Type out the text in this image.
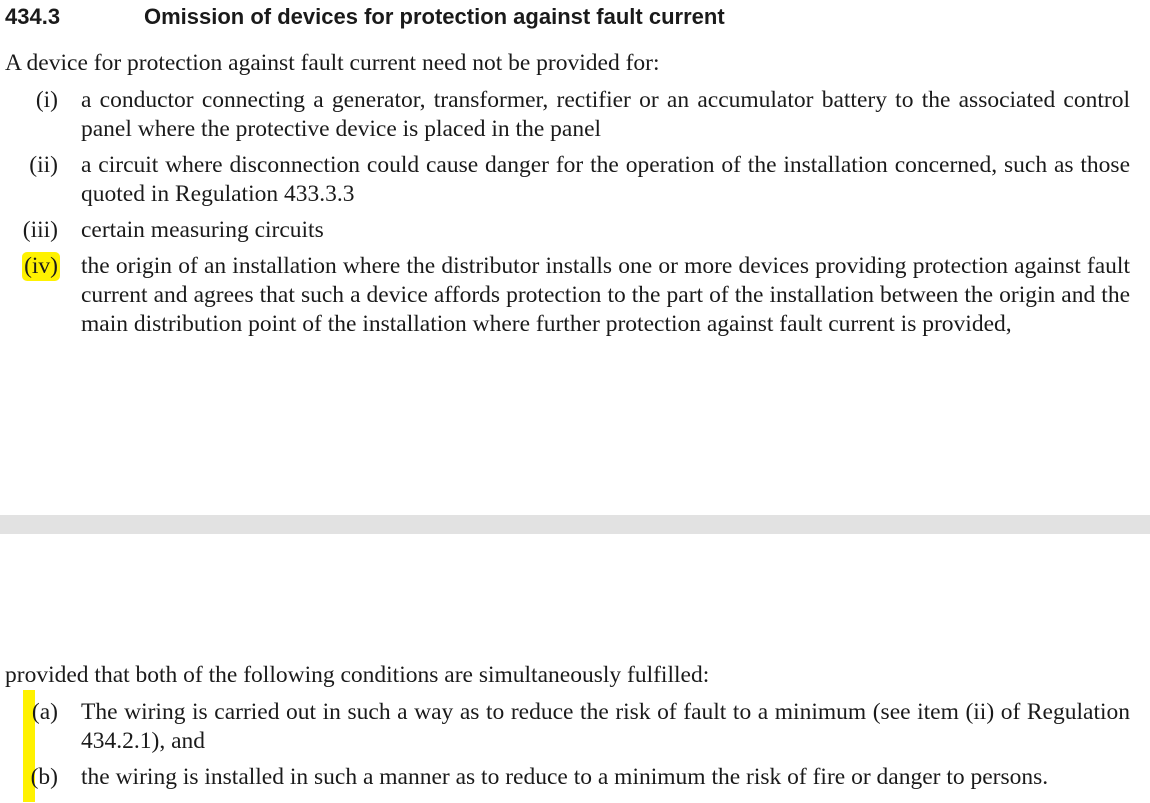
434.3	Omission of devices for protection against fault current
A device for protection against fault current need not be provided for:
(i) a conductor connecting a generator, transformer, rectifier or an accumulator battery to the associated control panel where the protective device is placed in the panel
(ii) a circuit where disconnection could cause danger for the operation of the installation concerned, such as those quoted in Regulation 433.3.3
(iii) certain measuring circuits
(iv) the origin of an installation where the distributor installs one or more devices providing protection against fault current and agrees that such a device affords protection to the part of the installation between the origin and the main distribution point of the installation where further protection against fault current is provided,
provided that both of the following conditions are simultaneously fulfilled:
(a) The wiring is carried out in such a way as to reduce the risk of fault to a minimum (see item (ii) of Regulation 434.2.1), and
(b) the wiring is installed in such a manner as to reduce to a minimum the risk of fire or danger to persons.
